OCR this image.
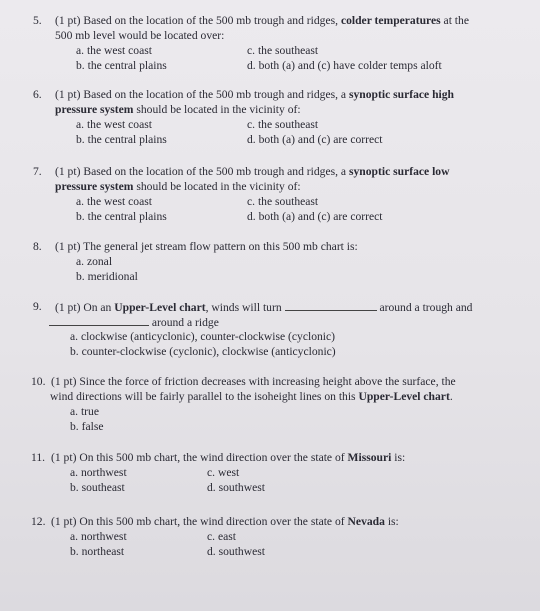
5. (1 pt) Based on the location of the 500 mb trough and ridges, colder temperatures at the
500 mb level would be located over:
a. the west coast
b. the central plains
c. the southeast
d. both (a) and (c) have colder temps aloft
6. (1 pt) Based on the location of the 500 mb trough and ridges, a synoptic surface high
pressure system should be located in the vicinity of:
a. the west coast
b. the central plains
c. the southeast
d. both (a) and (c) are correct
7. (1 pt) Based on the location of the 500 mb trough and ridges, a synoptic surface low
pressure system should be located in the vicinity of:
a. the west coast
b. the central plains
c. the southeast
d. both (a) and (c) are correct
8. (1 pt) The general jet stream flow pattern on this 500 mb chart is:
a. zonal
b. meridional
9. (1 pt) On an Upper-Level chart, winds will turn	around a trough and
around a ridge
a. clockwise (anticyclonic), counter-clockwise (cyclonic)
b. counter-clockwise (cyclonic), clockwise (anticyclonic)
10. (1 pt) Since the force of friction decreases with increasing height above the surface, the
wind directions will be fairly parallel to the isoheight lines on this Upper-Level chart.
a. true
b. false
11. (1 pt) On this 500 mb chart, the wind direction over the state of Missouri is:
a. northwest
b. southeast
c. west
d. southwest
12. (1 pt) On this 500 mb chart, the wind direction over the state of Nevada is:
a. northwest
b. northeast
c. east
d. southwest
